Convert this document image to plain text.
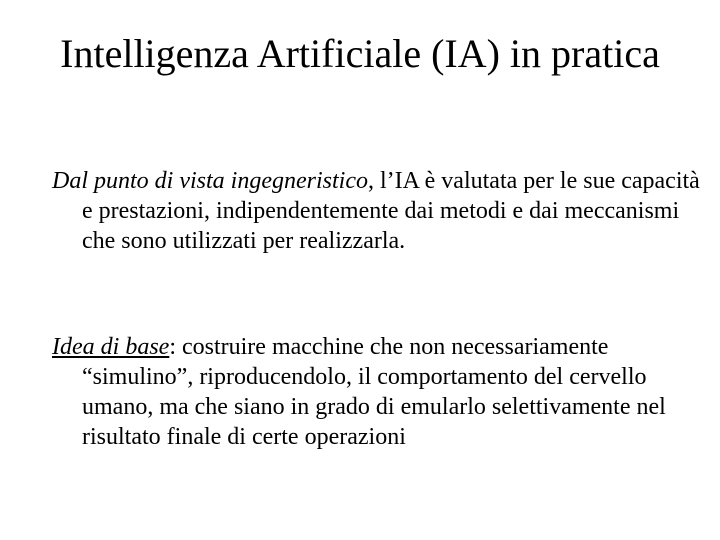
Intelligenza Artificiale (IA) in pratica
Dal punto di vista ingegneristico, l’IA è valutata per le sue capacità e prestazioni, indipendentemente dai metodi e dai meccanismi che sono utilizzati per realizzarla.
Idea di base: costruire macchine che non necessariamente “simulino”, riproducendolo, il comportamento del cervello umano, ma che siano in grado di emularlo selettivamente nel risultato finale di certe operazioni
